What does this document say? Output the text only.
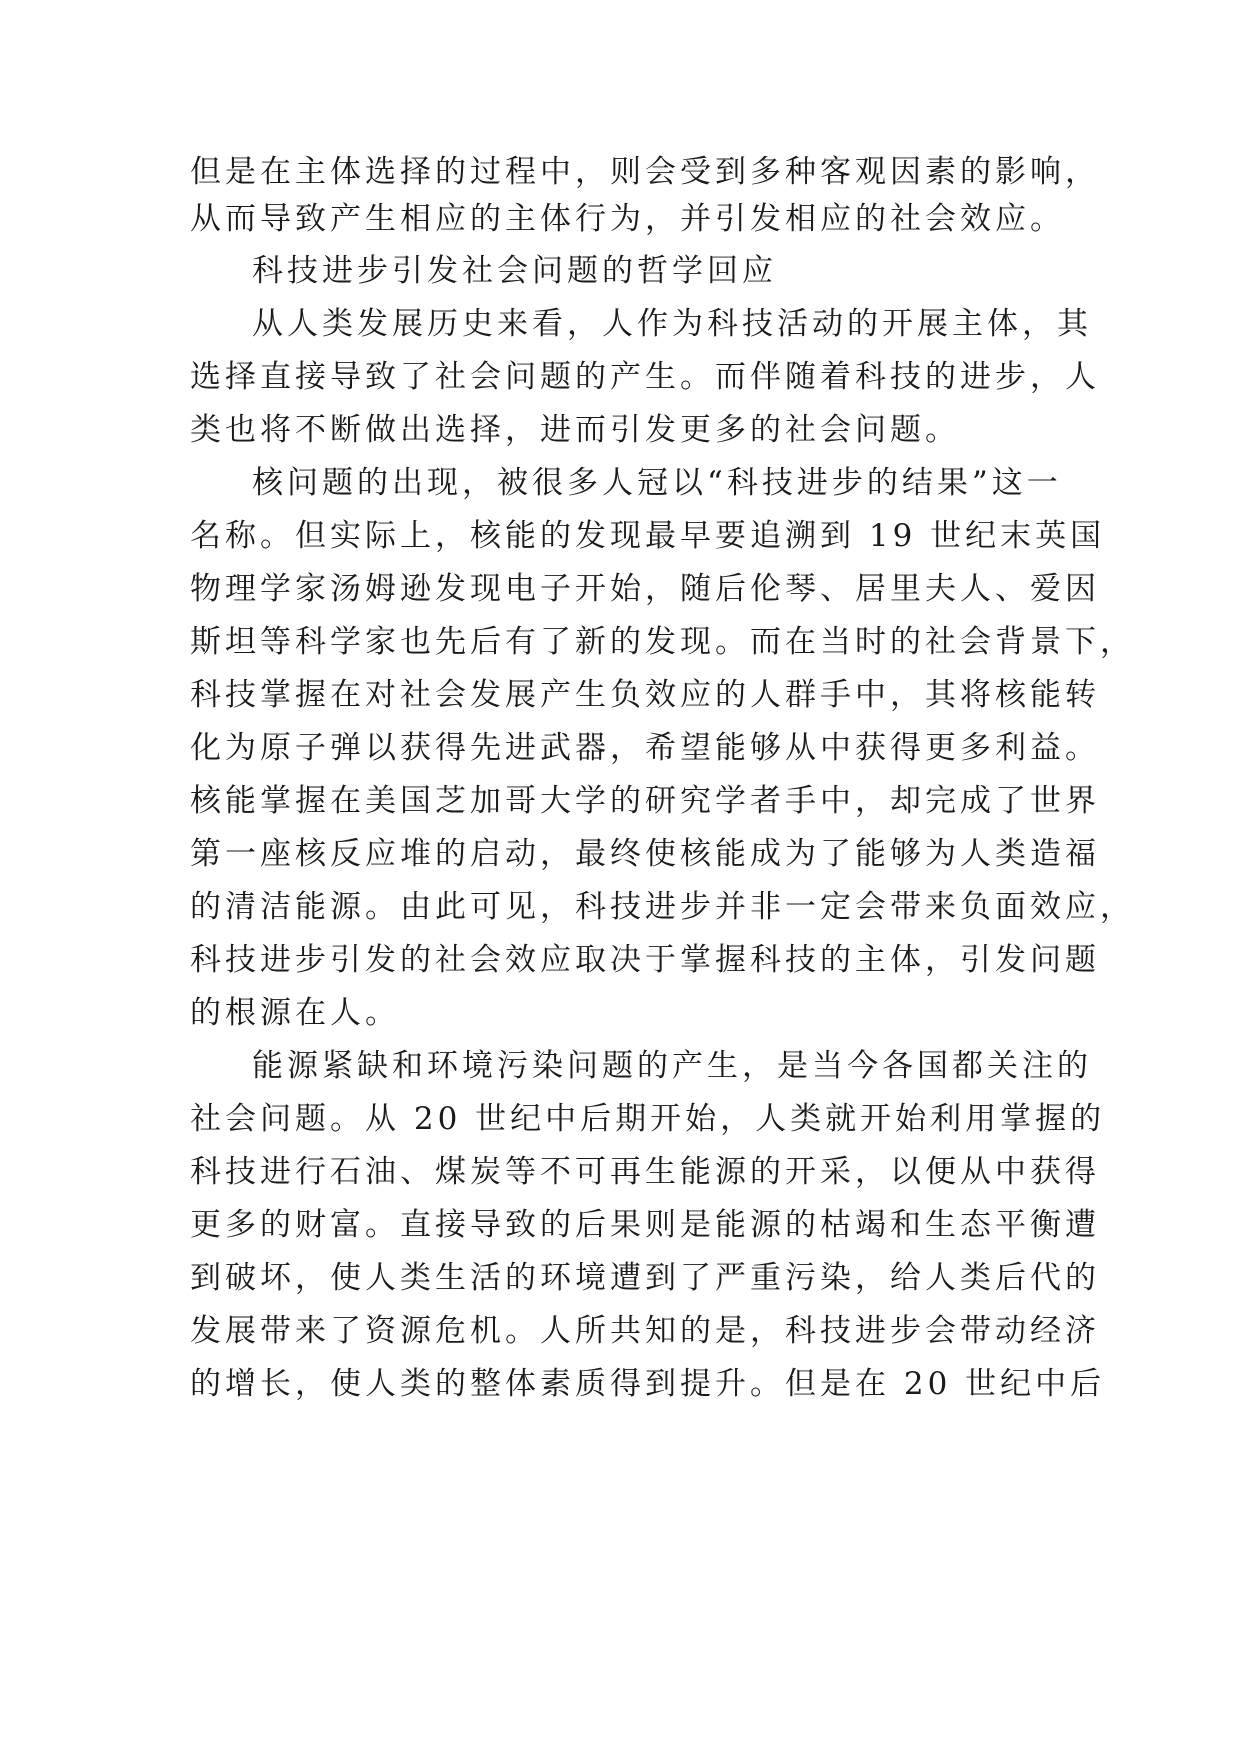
但是在主体选择的过程中，则会受到多种客观因素的影响，
从而导致产生相应的主体行为，并引发相应的社会效应。
科技进步引发社会问题的哲学回应
从人类发展历史来看，人作为科技活动的开展主体，其
选择直接导致了社会问题的产生。而伴随着科技的进步，人
类也将不断做出选择，进而引发更多的社会问题。
核问题的出现，被很多人冠以“科技进步的结果”这一
名称。但实际上，核能的发现最早要追溯到 19 世纪末英国
物理学家汤姆逊发现电子开始，随后伦琴、居里夫人、爱因
斯坦等科学家也先后有了新的发现。而在当时的社会背景下，
科技掌握在对社会发展产生负效应的人群手中，其将核能转
化为原子弹以获得先进武器，希望能够从中获得更多利益。
核能掌握在美国芝加哥大学的研究学者手中，却完成了世界
第一座核反应堆的启动，最终使核能成为了能够为人类造福
的清洁能源。由此可见，科技进步并非一定会带来负面效应，
科技进步引发的社会效应取决于掌握科技的主体，引发问题
的根源在人。
能源紧缺和环境污染问题的产生，是当今各国都关注的
社会问题。从 20 世纪中后期开始，人类就开始利用掌握的
科技进行石油、煤炭等不可再生能源的开采，以便从中获得
更多的财富。直接导致的后果则是能源的枯竭和生态平衡遭
到破坏，使人类生活的环境遭到了严重污染，给人类后代的
发展带来了资源危机。人所共知的是，科技进步会带动经济
的增长，使人类的整体素质得到提升。但是在 20 世纪中后
